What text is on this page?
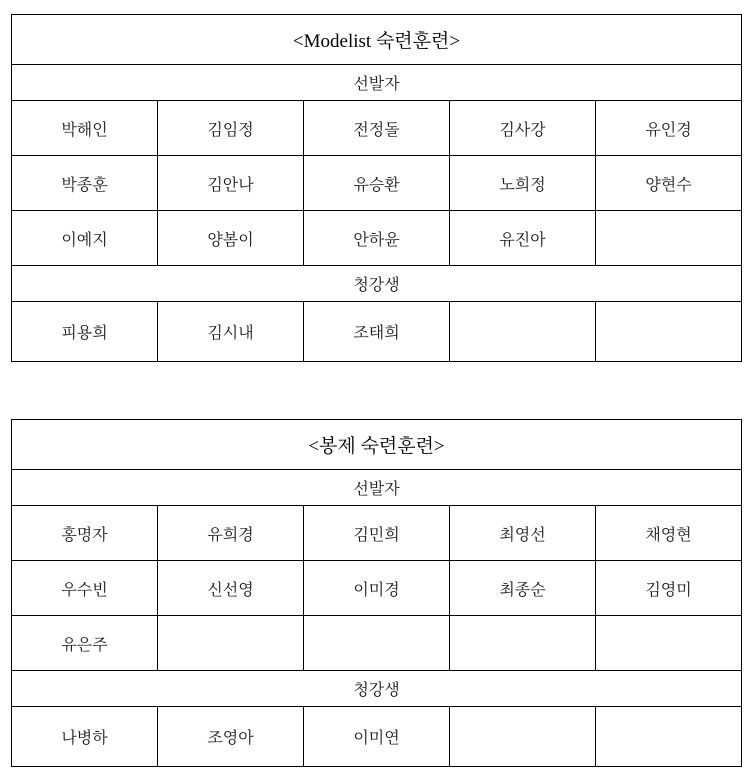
<Modelist 숙련훈련>				
선발자				
박해인	김임정	전정돌	김사강	유인경
박종훈	김안나	유승환	노희정	양현수
이예지	양봄이	안하윤	유진아	
청강생				
피용희	김시내	조태희		
<봉제 숙련훈련>				
선발자				
홍명자	유희경	김민희	최영선	채영현
우수빈	신선영	이미경	최종순	김영미
유은주				
청강생				
나병하	조영아	이미연		
